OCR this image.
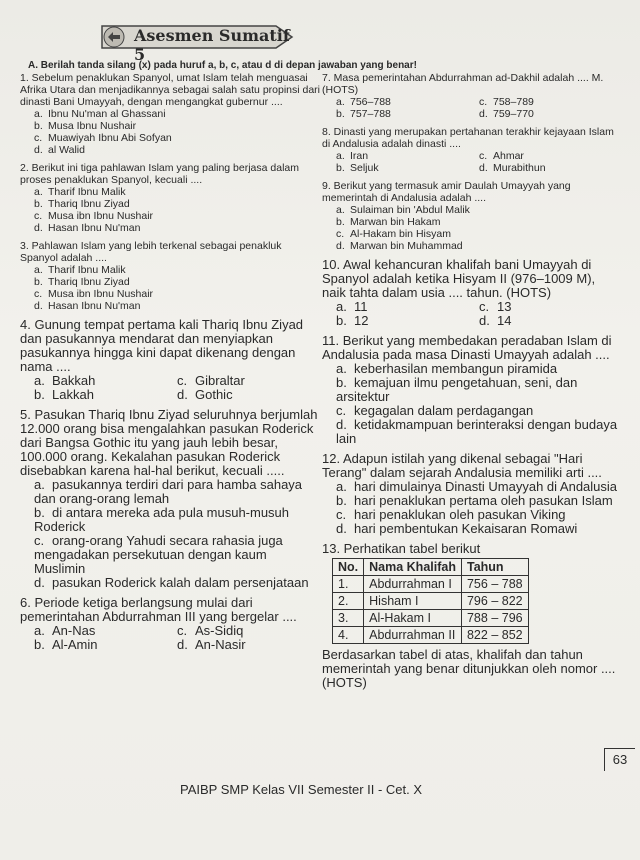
Asesmen Sumatif 5
A. Berilah tanda silang (x) pada huruf a, b, c, atau d di depan jawaban yang benar!
1. Sebelum penaklukan Spanyol, umat Islam telah menguasai Afrika Utara dan menjadikannya sebagai salah satu propinsi dari dinasti Bani Umayyah, dengan mengangkat gubernur ....
a. Ibnu Nu'man al Ghassani
b. Musa Ibnu Nushair
c. Muawiyah Ibnu Abi Sofyan
d. al Walid
2. Berikut ini tiga pahlawan Islam yang paling berjasa dalam proses penaklukan Spanyol, kecuali ....
a. Tharif Ibnu Malik
b. Thariq Ibnu Ziyad
c. Musa ibn Ibnu Nushair
d. Hasan Ibnu Nu'man
3. Pahlawan Islam yang lebih terkenal sebagai penakluk Spanyol adalah ....
a. Tharif Ibnu Malik
b. Thariq Ibnu Ziyad
c. Musa ibn Ibnu Nushair
d. Hasan Ibnu Nu'man
4. Gunung tempat pertama kali Thariq Ibnu Ziyad dan pasukannya mendarat dan menyiapkan pasukannya hingga kini dapat dikenang dengan nama ....
a. Bakkah	c. Gibraltar
b. Lakkah	d. Gothic
5. Pasukan Thariq Ibnu Ziyad seluruhnya berjumlah 12.000 orang bisa mengalahkan pasukan Roderick dari Bangsa Gothic itu yang jauh lebih besar, 100.000 orang. Kekalahan pasukan Roderick disebabkan karena hal-hal berikut, kecuali .....
a. pasukannya terdiri dari para hamba sahaya dan orang-orang lemah
b. di antara mereka ada pula musuh-musuh Roderick
c. orang-orang Yahudi secara rahasia juga mengadakan persekutuan dengan kaum Muslimin
d. pasukan Roderick kalah dalam persenjataan
6. Periode ketiga berlangsung mulai dari pemerintahan Abdurrahman III yang bergelar ....
a. An-Nas	c. As-Sidiq
b. Al-Amin	d. An-Nasir
7. Masa pemerintahan Abdurrahman ad-Dakhil adalah .... M. (HOTS)
a. 756–788	c. 758–789
b. 757–788	d. 759–770
8. Dinasti yang merupakan pertahanan terakhir kejayaan Islam di Andalusia adalah dinasti ....
a. Iran	c. Ahmar
b. Seljuk	d. Murabithun
9. Berikut yang termasuk amir Daulah Umayyah yang memerintah di Andalusia adalah ....
a. Sulaiman bin 'Abdul Malik
b. Marwan bin Hakam
c. Al-Hakam bin Hisyam
d. Marwan bin Muhammad
10. Awal kehancuran khalifah bani Umayyah di Spanyol adalah ketika Hisyam II (976–1009 M), naik tahta dalam usia .... tahun. (HOTS)
a. 11	c. 13
b. 12	d. 14
11. Berikut yang membedakan peradaban Islam di Andalusia pada masa Dinasti Umayyah adalah ....
a. keberhasilan membangun piramida
b. kemajuan ilmu pengetahuan, seni, dan arsitektur
c. kegagalan dalam perdagangan
d. ketidakmampuan berinteraksi dengan budaya lain
12. Adapun istilah yang dikenal sebagai "Hari Terang" dalam sejarah Andalusia memiliki arti ....
a. hari dimulainya Dinasti Umayyah di Andalusia
b. hari penaklukan pertama oleh pasukan Islam
c. hari penaklukan oleh pasukan Viking
d. hari pembentukan Kekaisaran Romawi
13. Perhatikan tabel berikut
No.	Nama Khalifah	Tahun
1.	Abdurrahman I	756 – 788
2.	Hisham I	796 – 822
3.	Al-Hakam I	788 – 796
4.	Abdurrahman II	822 – 852
Berdasarkan tabel di atas, khalifah dan tahun memerintah yang benar ditunjukkan oleh nomor .... (HOTS)
63
PAIBP SMP Kelas VII Semester II - Cet. X
